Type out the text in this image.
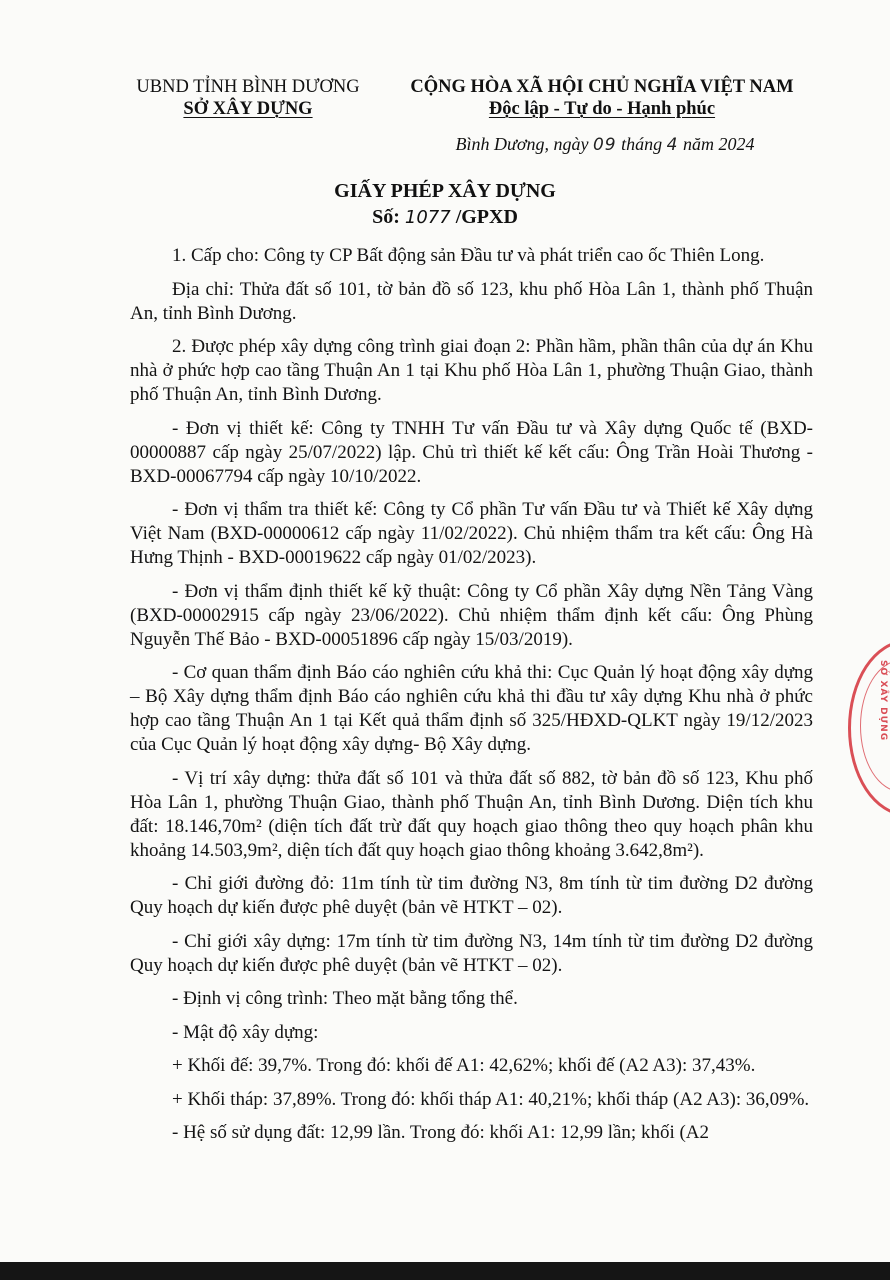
UBND TỈNH BÌNH DƯƠNG
SỞ XÂY DỰNG
CỘNG HÒA XÃ HỘI CHỦ NGHĨA VIỆT NAM
Độc lập - Tự do - Hạnh phúc
Bình Dương, ngày 09 tháng 4 năm 2024
GIẤY PHÉP XÂY DỰNG
Số: 1077 /GPXD

1. Cấp cho: Công ty CP Bất động sản Đầu tư và phát triển cao ốc Thiên Long.

Địa chỉ: Thửa đất số 101, tờ bản đồ số 123, khu phố Hòa Lân 1, thành phố Thuận An, tỉnh Bình Dương.

2. Được phép xây dựng công trình giai đoạn 2: Phần hầm, phần thân của dự án Khu nhà ở phức hợp cao tầng Thuận An 1 tại Khu phố Hòa Lân 1, phường Thuận Giao, thành phố Thuận An, tỉnh Bình Dương.

- Đơn vị thiết kế: Công ty TNHH Tư vấn Đầu tư và Xây dựng Quốc tế (BXD-00000887 cấp ngày 25/07/2022) lập. Chủ trì thiết kế kết cấu: Ông Trần Hoài Thương - BXD-00067794 cấp ngày 10/10/2022.

- Đơn vị thẩm tra thiết kế: Công ty Cổ phần Tư vấn Đầu tư và Thiết kế Xây dựng Việt Nam (BXD-00000612 cấp ngày 11/02/2022). Chủ nhiệm thẩm tra kết cấu: Ông Hà Hưng Thịnh - BXD-00019622 cấp ngày 01/02/2023).

- Đơn vị thẩm định thiết kế kỹ thuật: Công ty Cổ phần Xây dựng Nền Tảng Vàng (BXD-00002915 cấp ngày 23/06/2022). Chủ nhiệm thẩm định kết cấu: Ông Phùng Nguyễn Thế Bảo - BXD-00051896 cấp ngày 15/03/2019).

- Cơ quan thẩm định Báo cáo nghiên cứu khả thi: Cục Quản lý hoạt động xây dựng – Bộ Xây dựng thẩm định Báo cáo nghiên cứu khả thi đầu tư xây dựng Khu nhà ở phức hợp cao tầng Thuận An 1 tại Kết quả thẩm định số 325/HĐXD-QLKT ngày 19/12/2023 của Cục Quản lý hoạt động xây dựng- Bộ Xây dựng.

- Vị trí xây dựng: thửa đất số 101 và thửa đất số 882, tờ bản đồ số 123, Khu phố Hòa Lân 1, phường Thuận Giao, thành phố Thuận An, tỉnh Bình Dương. Diện tích khu đất: 18.146,70m² (diện tích đất trừ đất quy hoạch giao thông theo quy hoạch phân khu khoảng 14.503,9m², diện tích đất quy hoạch giao thông khoảng 3.642,8m²).

- Chỉ giới đường đỏ: 11m tính từ tim đường N3, 8m tính từ tim đường D2 đường Quy hoạch dự kiến được phê duyệt (bản vẽ HTKT – 02).

- Chỉ giới xây dựng: 17m tính từ tim đường N3, 14m tính từ tim đường D2 đường Quy hoạch dự kiến được phê duyệt (bản vẽ HTKT – 02).

- Định vị công trình: Theo mặt bằng tổng thể.

- Mật độ xây dựng:

+ Khối đế: 39,7%. Trong đó: khối đế A1: 42,62%; khối đế (A2 A3): 37,43%.

+ Khối tháp: 37,89%. Trong đó: khối tháp A1: 40,21%; khối tháp (A2 A3): 36,09%.

- Hệ số sử dụng đất: 12,99 lần. Trong đó: khối A1: 12,99 lần; khối (A2

SỞ XÂY DỰNG
